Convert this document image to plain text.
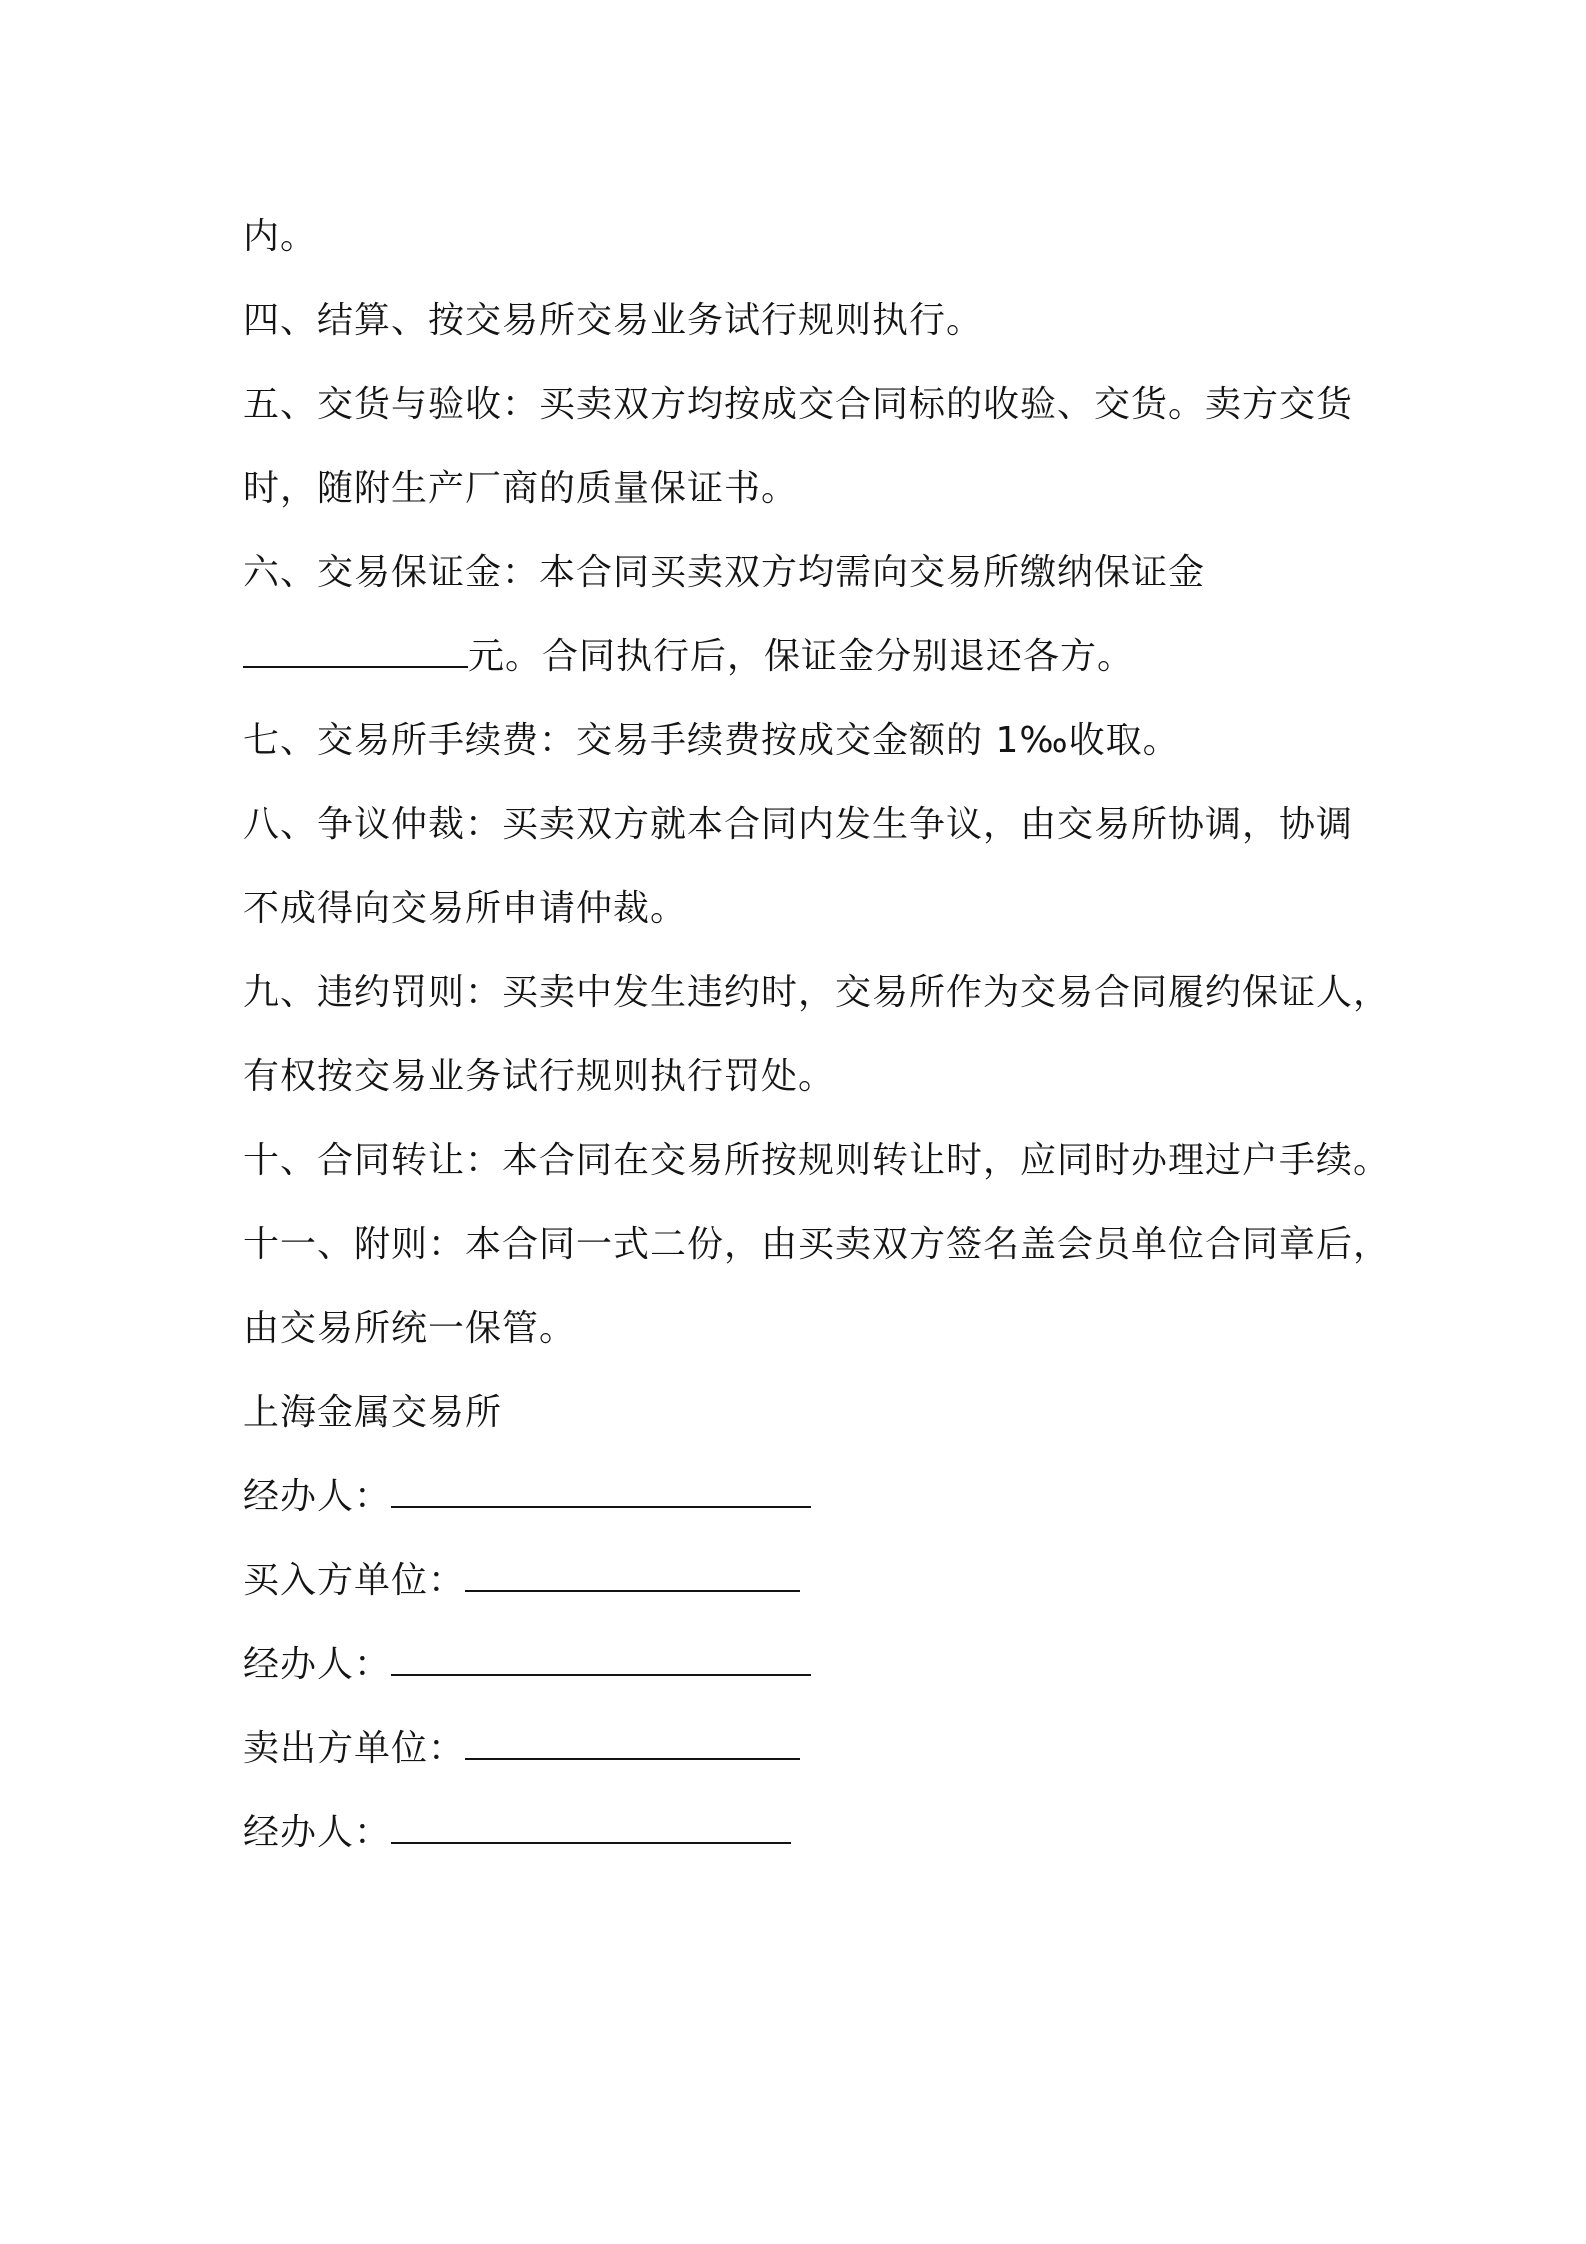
内。
四、结算、按交易所交易业务试行规则执行。
五、交货与验收：买卖双方均按成交合同标的收验、交货。卖方交货
时，随附生产厂商的质量保证书。
六、交易保证金：本合同买卖双方均需向交易所缴纳保证金
元。合同执行后，保证金分别退还各方。
七、交易所手续费：交易手续费按成交金额的 1‰收取。
八、争议仲裁：买卖双方就本合同内发生争议，由交易所协调，协调
不成得向交易所申请仲裁。
九、违约罚则：买卖中发生违约时，交易所作为交易合同履约保证人，
有权按交易业务试行规则执行罚处。
十、合同转让：本合同在交易所按规则转让时，应同时办理过户手续。
十一、附则：本合同一式二份，由买卖双方签名盖会员单位合同章后，
由交易所统一保管。
上海金属交易所
经办人：
买入方单位：
经办人：
卖出方单位：
经办人：
